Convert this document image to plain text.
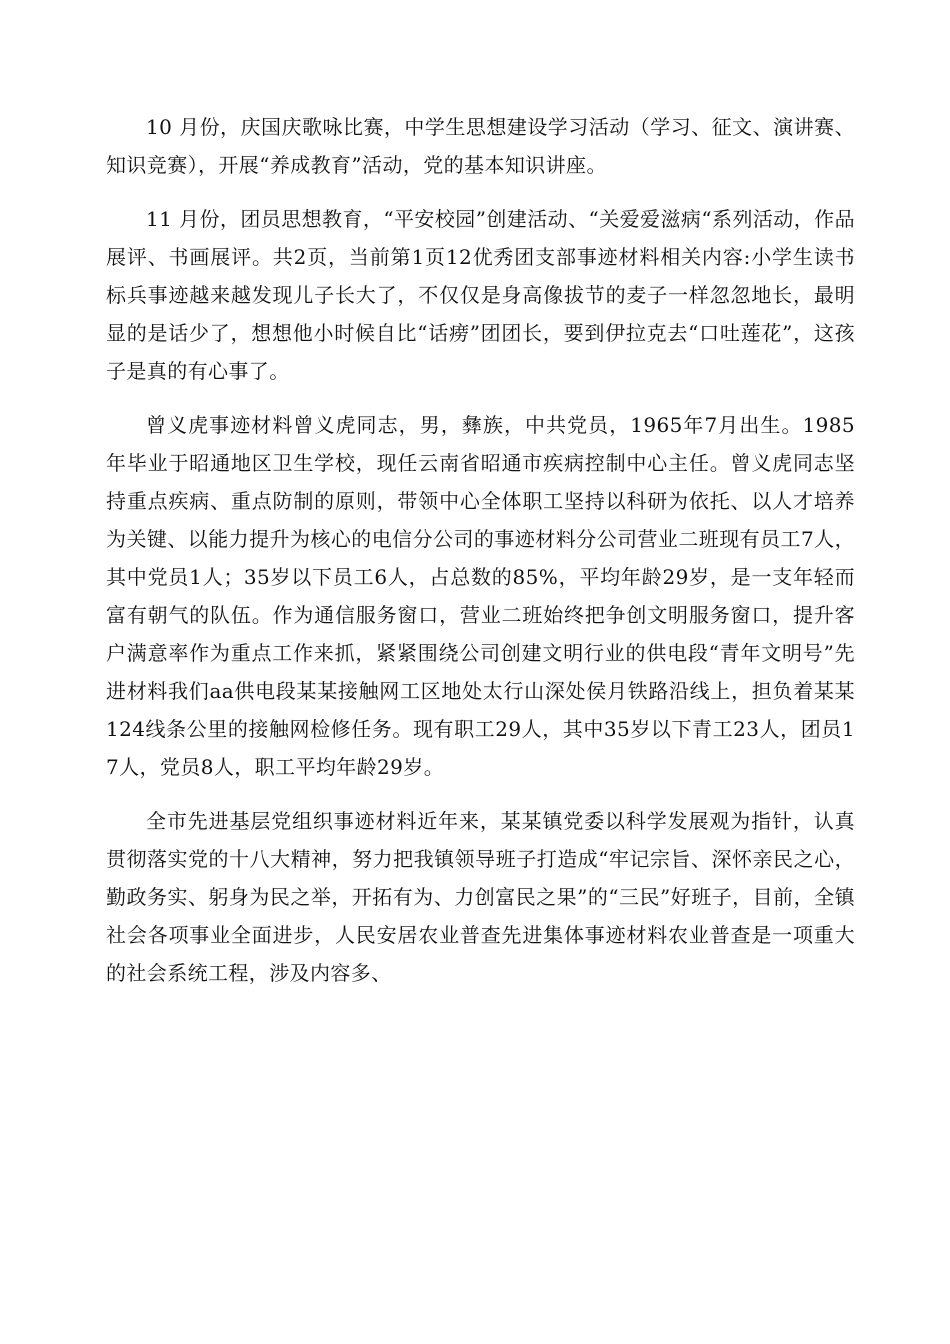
10 月份，庆国庆歌咏比赛，中学生思想建设学习活动（学习、征文、演讲赛、知识竞赛），开展“养成教育”活动，党的基本知识讲座。

11 月份，团员思想教育，“平安校园”创建活动、“关爱爱滋病“系列活动，作品展评、书画展评。共2页，当前第1页12优秀团支部事迹材料相关内容:小学生读书标兵事迹越来越发现儿子长大了，不仅仅是身高像拔节的麦子一样忽忽地长，最明显的是话少了，想想他小时候自比“话痨”团团长，要到伊拉克去“口吐莲花”，这孩子是真的有心事了。

曾义虎事迹材料曾义虎同志，男，彝族，中共党员，1965年7月出生。1985年毕业于昭通地区卫生学校，现任云南省昭通市疾病控制中心主任。曾义虎同志坚持重点疾病、重点防制的原则，带领中心全体职工坚持以科研为依托、以人才培养为关键、以能力提升为核心的电信分公司的事迹材料分公司营业二班现有员工7人，其中党员1人；35岁以下员工6人，占总数的85%，平均年龄29岁，是一支年轻而富有朝气的队伍。作为通信服务窗口，营业二班始终把争创文明服务窗口，提升客户满意率作为重点工作来抓，紧紧围绕公司创建文明行业的供电段“青年文明号”先进材料我们aa供电段某某接触网工区地处太行山深处侯月铁路沿线上，担负着某某124线条公里的接触网检修任务。现有职工29人，其中35岁以下青工23人，团员17人，党员8人，职工平均年龄29岁。

全市先进基层党组织事迹材料近年来，某某镇党委以科学发展观为指针，认真贯彻落实党的十八大精神，努力把我镇领导班子打造成“牢记宗旨、深怀亲民之心，勤政务实、躬身为民之举，开拓有为、力创富民之果”的“三民”好班子，目前，全镇社会各项事业全面进步，人民安居农业普查先进集体事迹材料农业普查是一项重大的社会系统工程，涉及内容多、
